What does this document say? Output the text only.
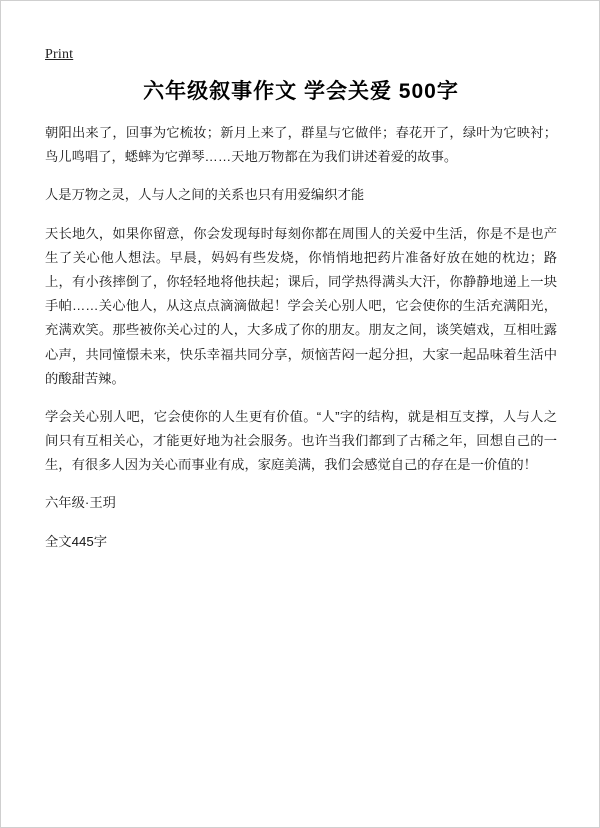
Print
六年级叙事作文 学会关爱 500字

朝阳出来了，回事为它梳妆；新月上来了，群星与它做伴；春花开了，绿叶为它映衬；鸟儿鸣唱了，蟋蟀为它弹琴……天地万物都在为我们讲述着爱的故事。

人是万物之灵，人与人之间的关系也只有用爱编织才能

天长地久，如果你留意，你会发现每时每刻你都在周围人的关爱中生活，你是不是也产生了关心他人想法。早晨，妈妈有些发烧，你悄悄地把药片准备好放在她的枕边；路上，有小孩摔倒了，你轻轻地将他扶起；课后，同学热得满头大汗，你静静地递上一块手帕……关心他人，从这点点滴滴做起！学会关心别人吧，它会使你的生活充满阳光，充满欢笑。那些被你关心过的人，大多成了你的朋友。朋友之间，谈笑嬉戏，互相吐露心声，共同憧憬未来，快乐幸福共同分享，烦恼苦闷一起分担，大家一起品味着生活中的酸甜苦辣。

学会关心别人吧，它会使你的人生更有价值。“人”字的结构，就是相互支撑，人与人之间只有互相关心，才能更好地为社会服务。也许当我们都到了古稀之年，回想自己的一生，有很多人因为关心而事业有成，家庭美满，我们会感觉自己的存在是一价值的！

六年级·王玥

全文445字
